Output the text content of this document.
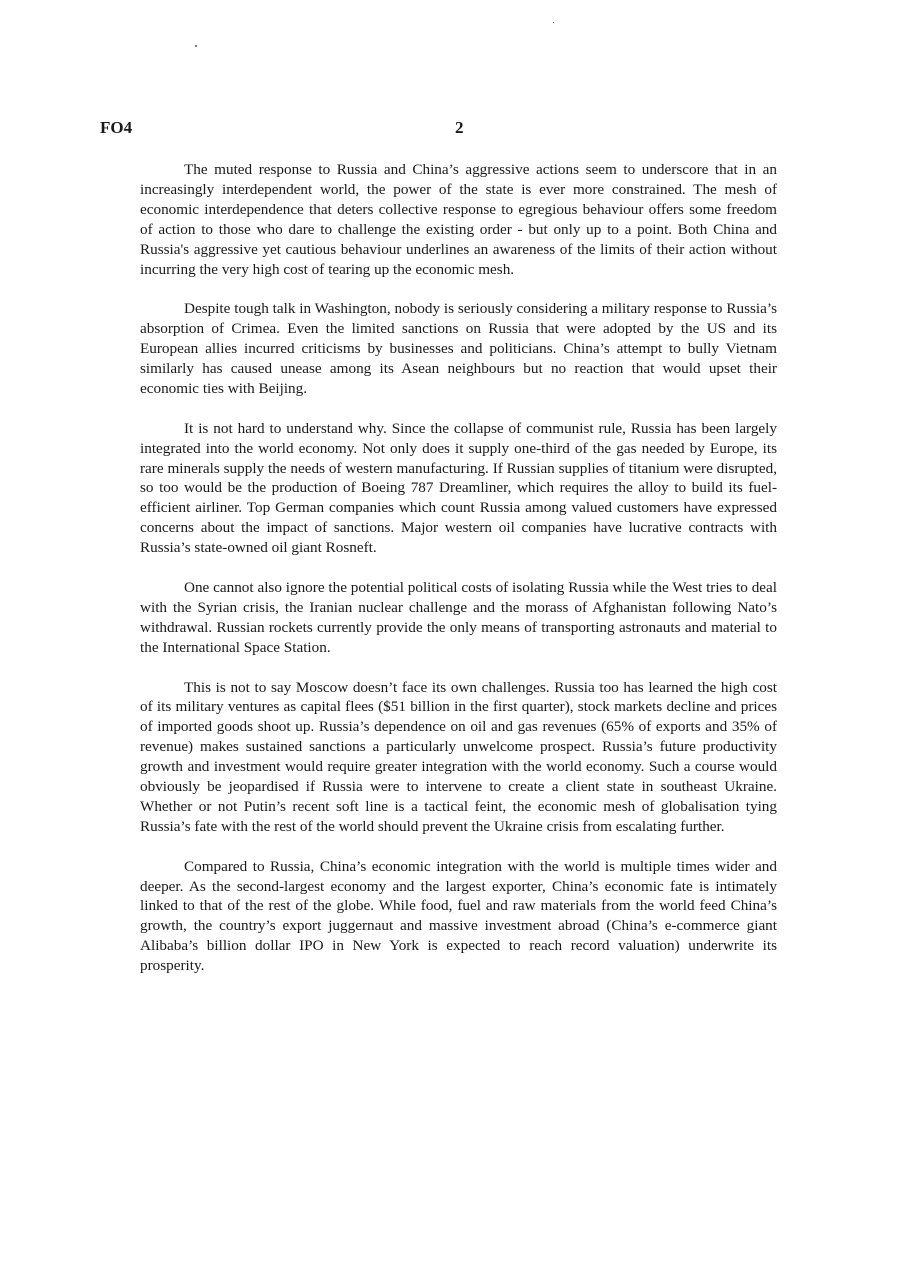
FO4	2

The muted response to Russia and China’s aggressive actions seem to underscore that in an increasingly interdependent world, the power of the state is ever more constrained. The mesh of economic interdependence that deters collective response to egregious behaviour offers some freedom of action to those who dare to challenge the existing order - but only up to a point. Both China and Russia's aggressive yet cautious behaviour underlines an awareness of the limits of their action without incurring the very high cost of tearing up the economic mesh.

Despite tough talk in Washington, nobody is seriously considering a military response to Russia’s absorption of Crimea. Even the limited sanctions on Russia that were adopted by the US and its European allies incurred criticisms by businesses and politicians. China’s attempt to bully Vietnam similarly has caused unease among its Asean neighbours but no reaction that would upset their economic ties with Beijing.

It is not hard to understand why. Since the collapse of communist rule, Russia has been largely integrated into the world economy. Not only does it supply one-third of the gas needed by Europe, its rare minerals supply the needs of western manufacturing. If Russian supplies of titanium were disrupted, so too would be the production of Boeing 787 Dreamliner, which requires the alloy to build its fuel-efficient airliner. Top German companies which count Russia among valued customers have expressed concerns about the impact of sanctions. Major western oil companies have lucrative contracts with Russia’s state-owned oil giant Rosneft.

One cannot also ignore the potential political costs of isolating Russia while the West tries to deal with the Syrian crisis, the Iranian nuclear challenge and the morass of Afghanistan following Nato’s withdrawal. Russian rockets currently provide the only means of transporting astronauts and material to the International Space Station.

This is not to say Moscow doesn’t face its own challenges. Russia too has learned the high cost of its military ventures as capital flees ($51 billion in the first quarter), stock markets decline and prices of imported goods shoot up. Russia’s dependence on oil and gas revenues (65% of exports and 35% of revenue) makes sustained sanctions a particularly unwelcome prospect. Russia’s future productivity growth and investment would require greater integration with the world economy. Such a course would obviously be jeopardised if Russia were to intervene to create a client state in southeast Ukraine. Whether or not Putin’s recent soft line is a tactical feint, the economic mesh of globalisation tying Russia’s fate with the rest of the world should prevent the Ukraine crisis from escalating further.

Compared to Russia, China’s economic integration with the world is multiple times wider and deeper. As the second-largest economy and the largest exporter, China’s economic fate is intimately linked to that of the rest of the globe. While food, fuel and raw materials from the world feed China’s growth, the country’s export juggernaut and massive investment abroad (China’s e-commerce giant Alibaba’s billion dollar IPO in New York is expected to reach record valuation) underwrite its prosperity.
